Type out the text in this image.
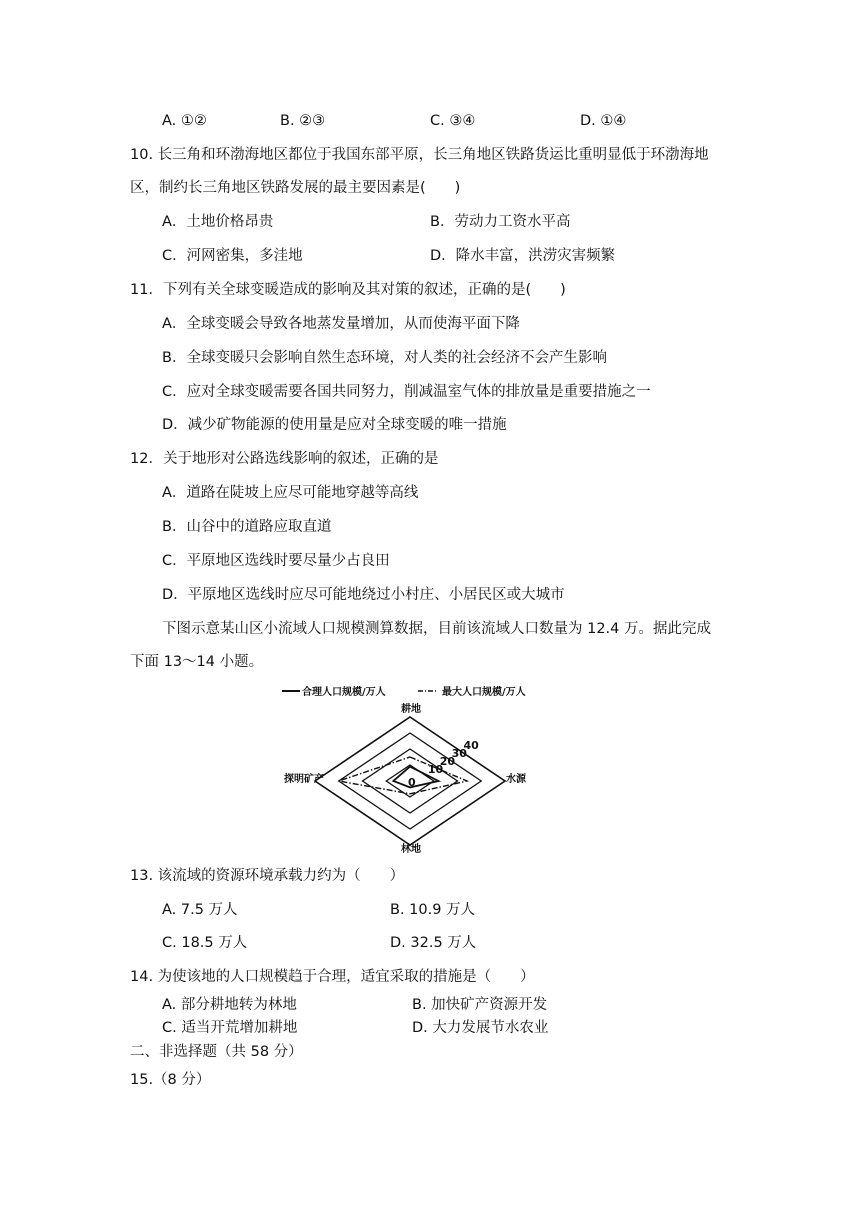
A. ①②	B. ②③	C. ③④	D. ①④
10. 长三角和环渤海地区都位于我国东部平原，长三角地区铁路货运比重明显低于环渤海地
区，制约长三角地区铁路发展的最主要因素是(　　)
A．土地价格昂贵	B．劳动力工资水平高
C．河网密集，多洼地	D．降水丰富，洪涝灾害频繁
11．下列有关全球变暖造成的影响及其对策的叙述，正确的是(　　)
A．全球变暖会导致各地蒸发量增加，从而使海平面下降
B．全球变暖只会影响自然生态环境，对人类的社会经济不会产生影响
C．应对全球变暖需要各国共同努力，削减温室气体的排放量是重要措施之一
D．减少矿物能源的使用量是应对全球变暖的唯一措施
12．关于地形对公路选线影响的叙述，正确的是
A．道路在陡坡上应尽可能地穿越等高线
B．山谷中的道路应取直道
C．平原地区选线时要尽量少占良田
D．平原地区选线时应尽可能地绕过小村庄、小居民区或大城市
下图示意某山区小流域人口规模测算数据，目前该流域人口数量为 12.4 万。据此完成
下面 13～14 小题。
合理人口规模/万人	最大人口规模/万人
0
10
20
30
40
耕地
水源
林地
探明矿产
13. 该流域的资源环境承载力约为（　　）
A. 7.5 万人	B. 10.9 万人
C. 18.5 万人	D. 32.5 万人
14. 为使该地的人口规模趋于合理，适宜采取的措施是（　　）
A. 部分耕地转为林地	B. 加快矿产资源开发
C. 适当开荒增加耕地	D. 大力发展节水农业
二、非选择题（共 58 分）
15.（8 分）
